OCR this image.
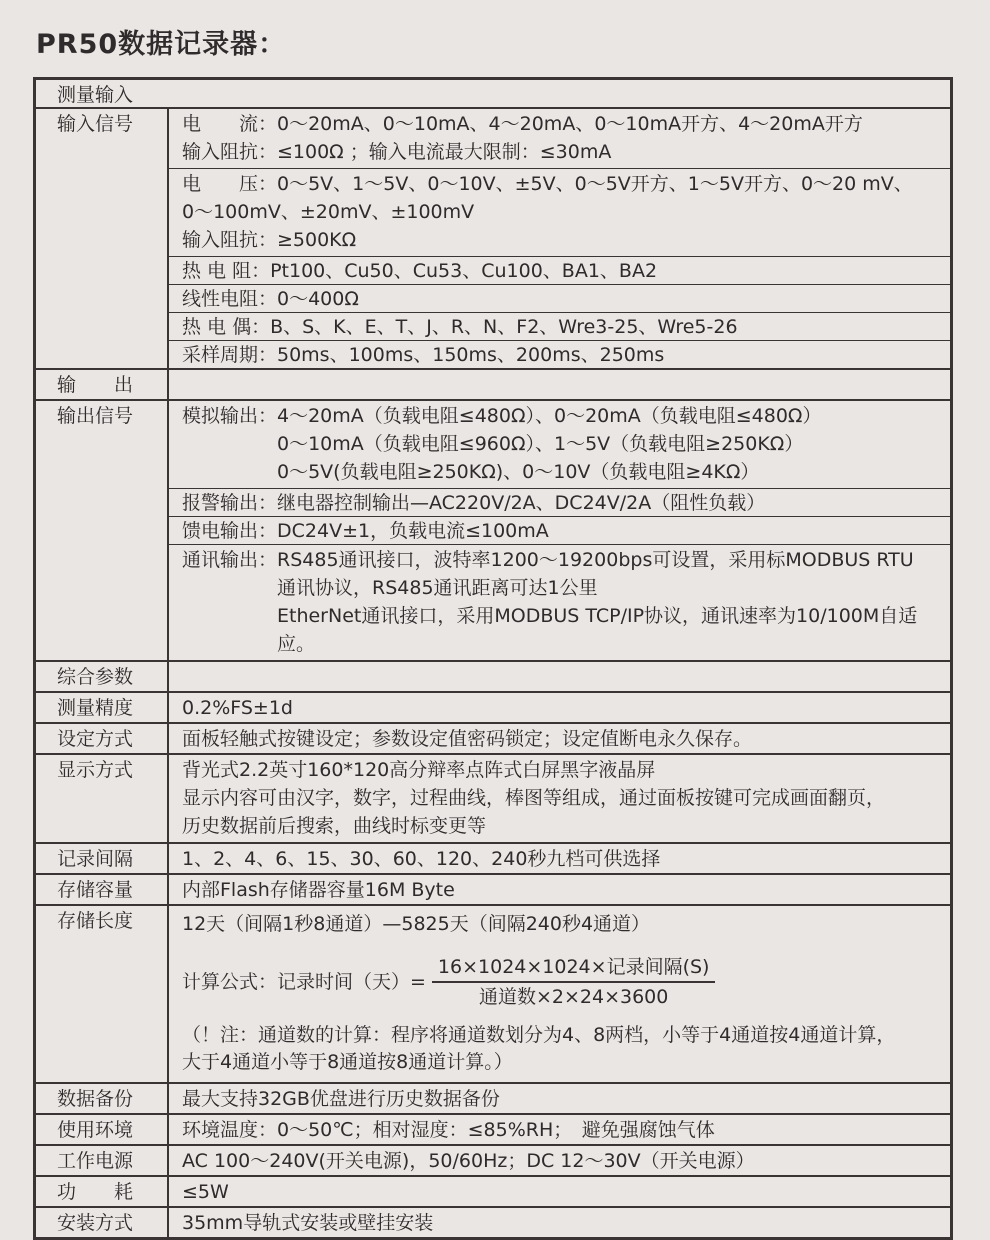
PR50数据记录器：
测量输入
输入信号	电　　流：0～20mA、0～10mA、4～20mA、0～10mA开方、4～20mA开方
输入阻抗：≤100Ω ；输入电流最大限制：≤30mA
电　　压：0～5V、1～5V、0～10V、±5V、0～5V开方、1～5V开方、0～20 mV、
0～100mV、±20mV、±100mV
输入阻抗：≥500KΩ
热 电 阻：Pt100、Cu50、Cu53、Cu100、BA1、BA2
线性电阻：0～400Ω
热 电 偶：B、S、K、E、T、J、R、N、F2、Wre3-25、Wre5-26
采样周期：50ms、100ms、150ms、200ms、250ms
输　　出
输出信号	模拟输出：4～20mA（负载电阻≤480Ω）、0～20mA（负载电阻≤480Ω）
0～10mA（负载电阻≤960Ω）、1～5V（负载电阻≥250KΩ）
0～5V(负载电阻≥250KΩ)、0～10V（负载电阻≥4KΩ）
报警输出：继电器控制输出—AC220V/2A、DC24V/2A（阻性负载）
馈电输出：DC24V±1，负载电流≤100mA
通讯输出：RS485通讯接口，波特率1200～19200bps可设置，采用标MODBUS RTU
通讯协议，RS485通讯距离可达1公里
EtherNet通讯接口，采用MODBUS TCP/IP协议，通讯速率为10/100M自适应。
综合参数
测量精度	0.2%FS±1d
设定方式	面板轻触式按键设定；参数设定值密码锁定；设定值断电永久保存。
显示方式	背光式2.2英寸160*120高分辩率点阵式白屏黑字液晶屏
显示内容可由汉字，数字，过程曲线，棒图等组成，通过面板按键可完成画面翻页，
历史数据前后搜索，曲线时标变更等
记录间隔	1、2、4、6、15、30、60、120、240秒九档可供选择
存储容量	内部Flash存储器容量16M Byte
存储长度	12天（间隔1秒8通道）—5825天（间隔240秒4通道）
计算公式：记录时间（天）= $\frac{\text{16×1024×1024×记录间隔(S)}}{\text{通道数×2×24×3600}}$
（！注：通道数的计算：程序将通道数划分为4、8两档，小等于4通道按4通道计算，
大于4通道小等于8通道按8通道计算。）
数据备份	最大支持32GB优盘进行历史数据备份
使用环境	环境温度：0～50℃；相对湿度：≤85%RH；　避免强腐蚀气体
工作电源	AC 100～240V(开关电源)，50/60Hz；DC 12～30V（开关电源）
功　　耗	≤5W
安装方式	35mm导轨式安装或壁挂安装
